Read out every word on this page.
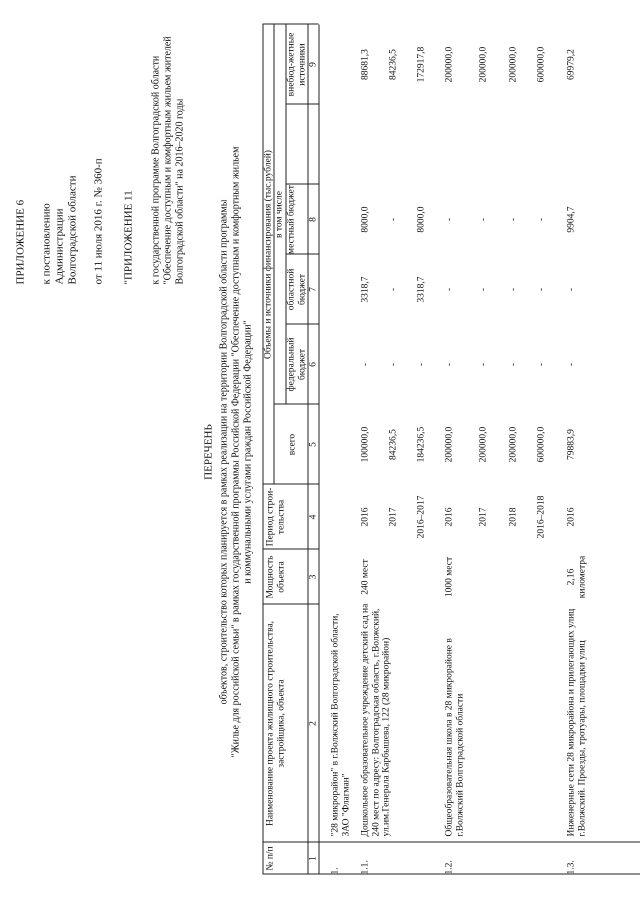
ПРИЛОЖЕНИЕ 6 к постановлению Администрации Волгоградской области от 11 июля 2016 г. № 360-п "ПРИЛОЖЕНИЕ 11 к государственной программе Волгоградской области "Обеспечение доступным и комфортным жильем жителей Волгоградской области" на 2016–2020 годы
ПЕРЕЧЕНЬ объектов, строительство которых планируется в рамках реализации на территории Волгоградской области программы "Жилье для российской семьи" в рамках государственной программы Российской Федерации "Обеспечение доступным и комфортным жильем и коммунальными услугами граждан Российской Федерации"
№ п/п
Наименование проекта жилищного строительства, застройщика, объекта
Мощность объекта
Период строи-тельства
Объемы и источники финансирования (тыс.рублей)
всего
в том числе
федеральный бюджет
областной бюджет
местный бюджет
внебюд-жетные источники
1
2
3
4
5
6
7
8
9
1.
"28 микрорайон" в г.Волжский Волгоградской области, ЗАО "Флагман"
1.1.
Дошкольное образовательное учреждение детский сад на 240 мест по адресу: Волгоградская область, г.Волжский, ул.им.Генерала Карбышева, 122 (28 микрорайон)
240 мест
2016
100000,0
-
3318,7
8000,0
88681,3
2017
84236,5
-
-
-
84236,5
2016–2017
184236,5
-
3318,7
8000,0
172917,8
1.2.
Общеобразовательная школа в 28 микрорайоне в г.Волжский Волгоградской области
1000 мест
2016
200000,0
-
-
-
200000,0
2017
200000,0
-
-
-
200000,0
2018
200000,0
-
-
-
200000,0
2016–2018
600000,0
-
-
-
600000,0
1.3.
Инженерные сети 28 микрорайона и прилегающих улиц г.Волжский. Проезды, тротуары, площадки улиц
2,16 километра
2016
79883,9
-
-
9904,7
69979,2
